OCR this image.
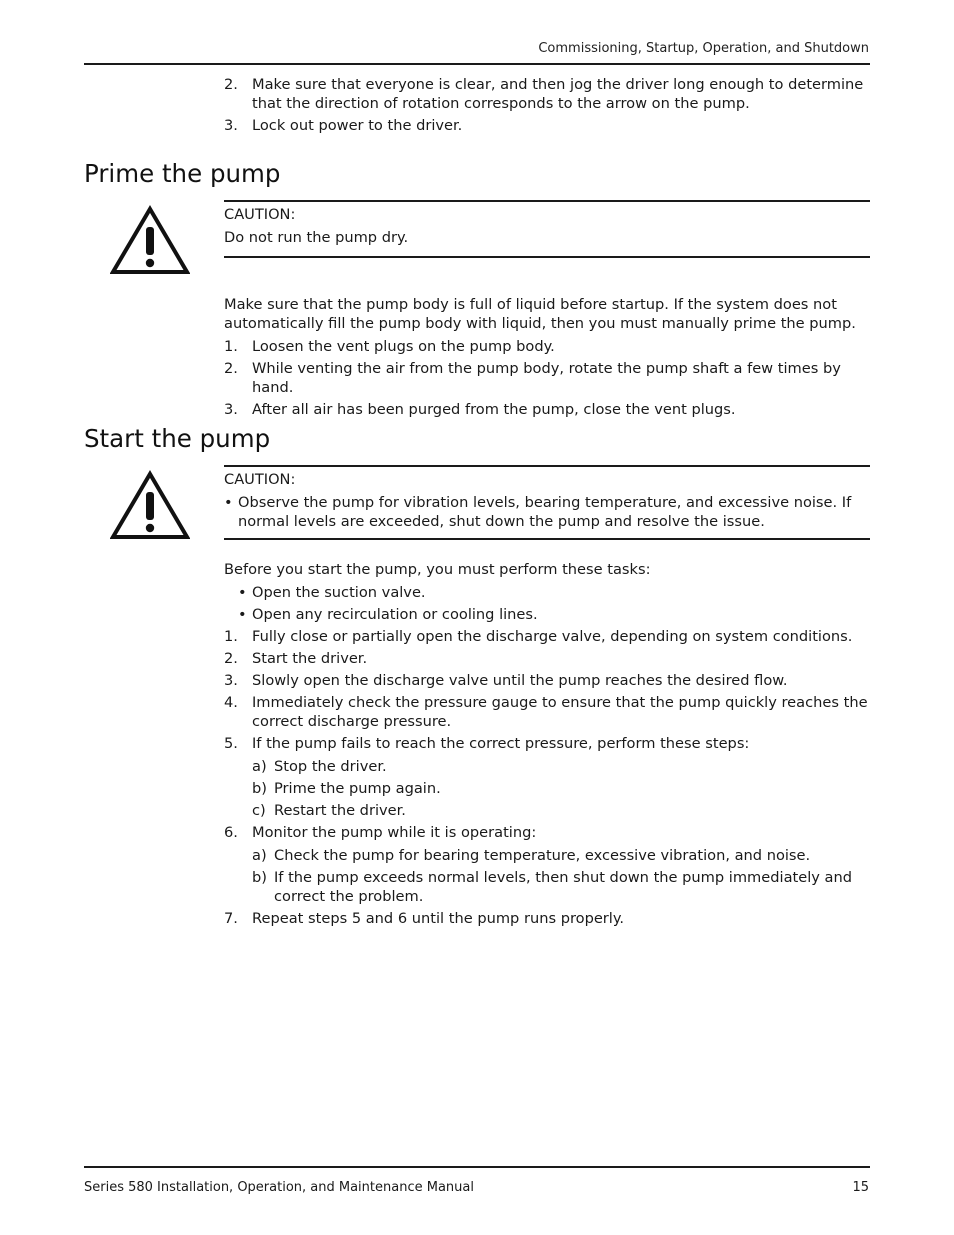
Commissioning, Startup, Operation, and Shutdown
2. Make sure that everyone is clear, and then jog the driver long enough to determine that the direction of rotation corresponds to the arrow on the pump.
3. Lock out power to the driver.
Prime the pump
CAUTION:
Do not run the pump dry.
Make sure that the pump body is full of liquid before startup. If the system does not automatically fill the pump body with liquid, then you must manually prime the pump.
1. Loosen the vent plugs on the pump body.
2. While venting the air from the pump body, rotate the pump shaft a few times by hand.
3. After all air has been purged from the pump, close the vent plugs.
Start the pump
CAUTION:
• Observe the pump for vibration levels, bearing temperature, and excessive noise. If normal levels are exceeded, shut down the pump and resolve the issue.
Before you start the pump, you must perform these tasks:
• Open the suction valve.
• Open any recirculation or cooling lines.
1. Fully close or partially open the discharge valve, depending on system conditions.
2. Start the driver.
3. Slowly open the discharge valve until the pump reaches the desired flow.
4. Immediately check the pressure gauge to ensure that the pump quickly reaches the correct discharge pressure.
5. If the pump fails to reach the correct pressure, perform these steps:
a) Stop the driver.
b) Prime the pump again.
c) Restart the driver.
6. Monitor the pump while it is operating:
a) Check the pump for bearing temperature, excessive vibration, and noise.
b) If the pump exceeds normal levels, then shut down the pump immediately and correct the problem.
7. Repeat steps 5 and 6 until the pump runs properly.
Series 580 Installation, Operation, and Maintenance Manual	15
